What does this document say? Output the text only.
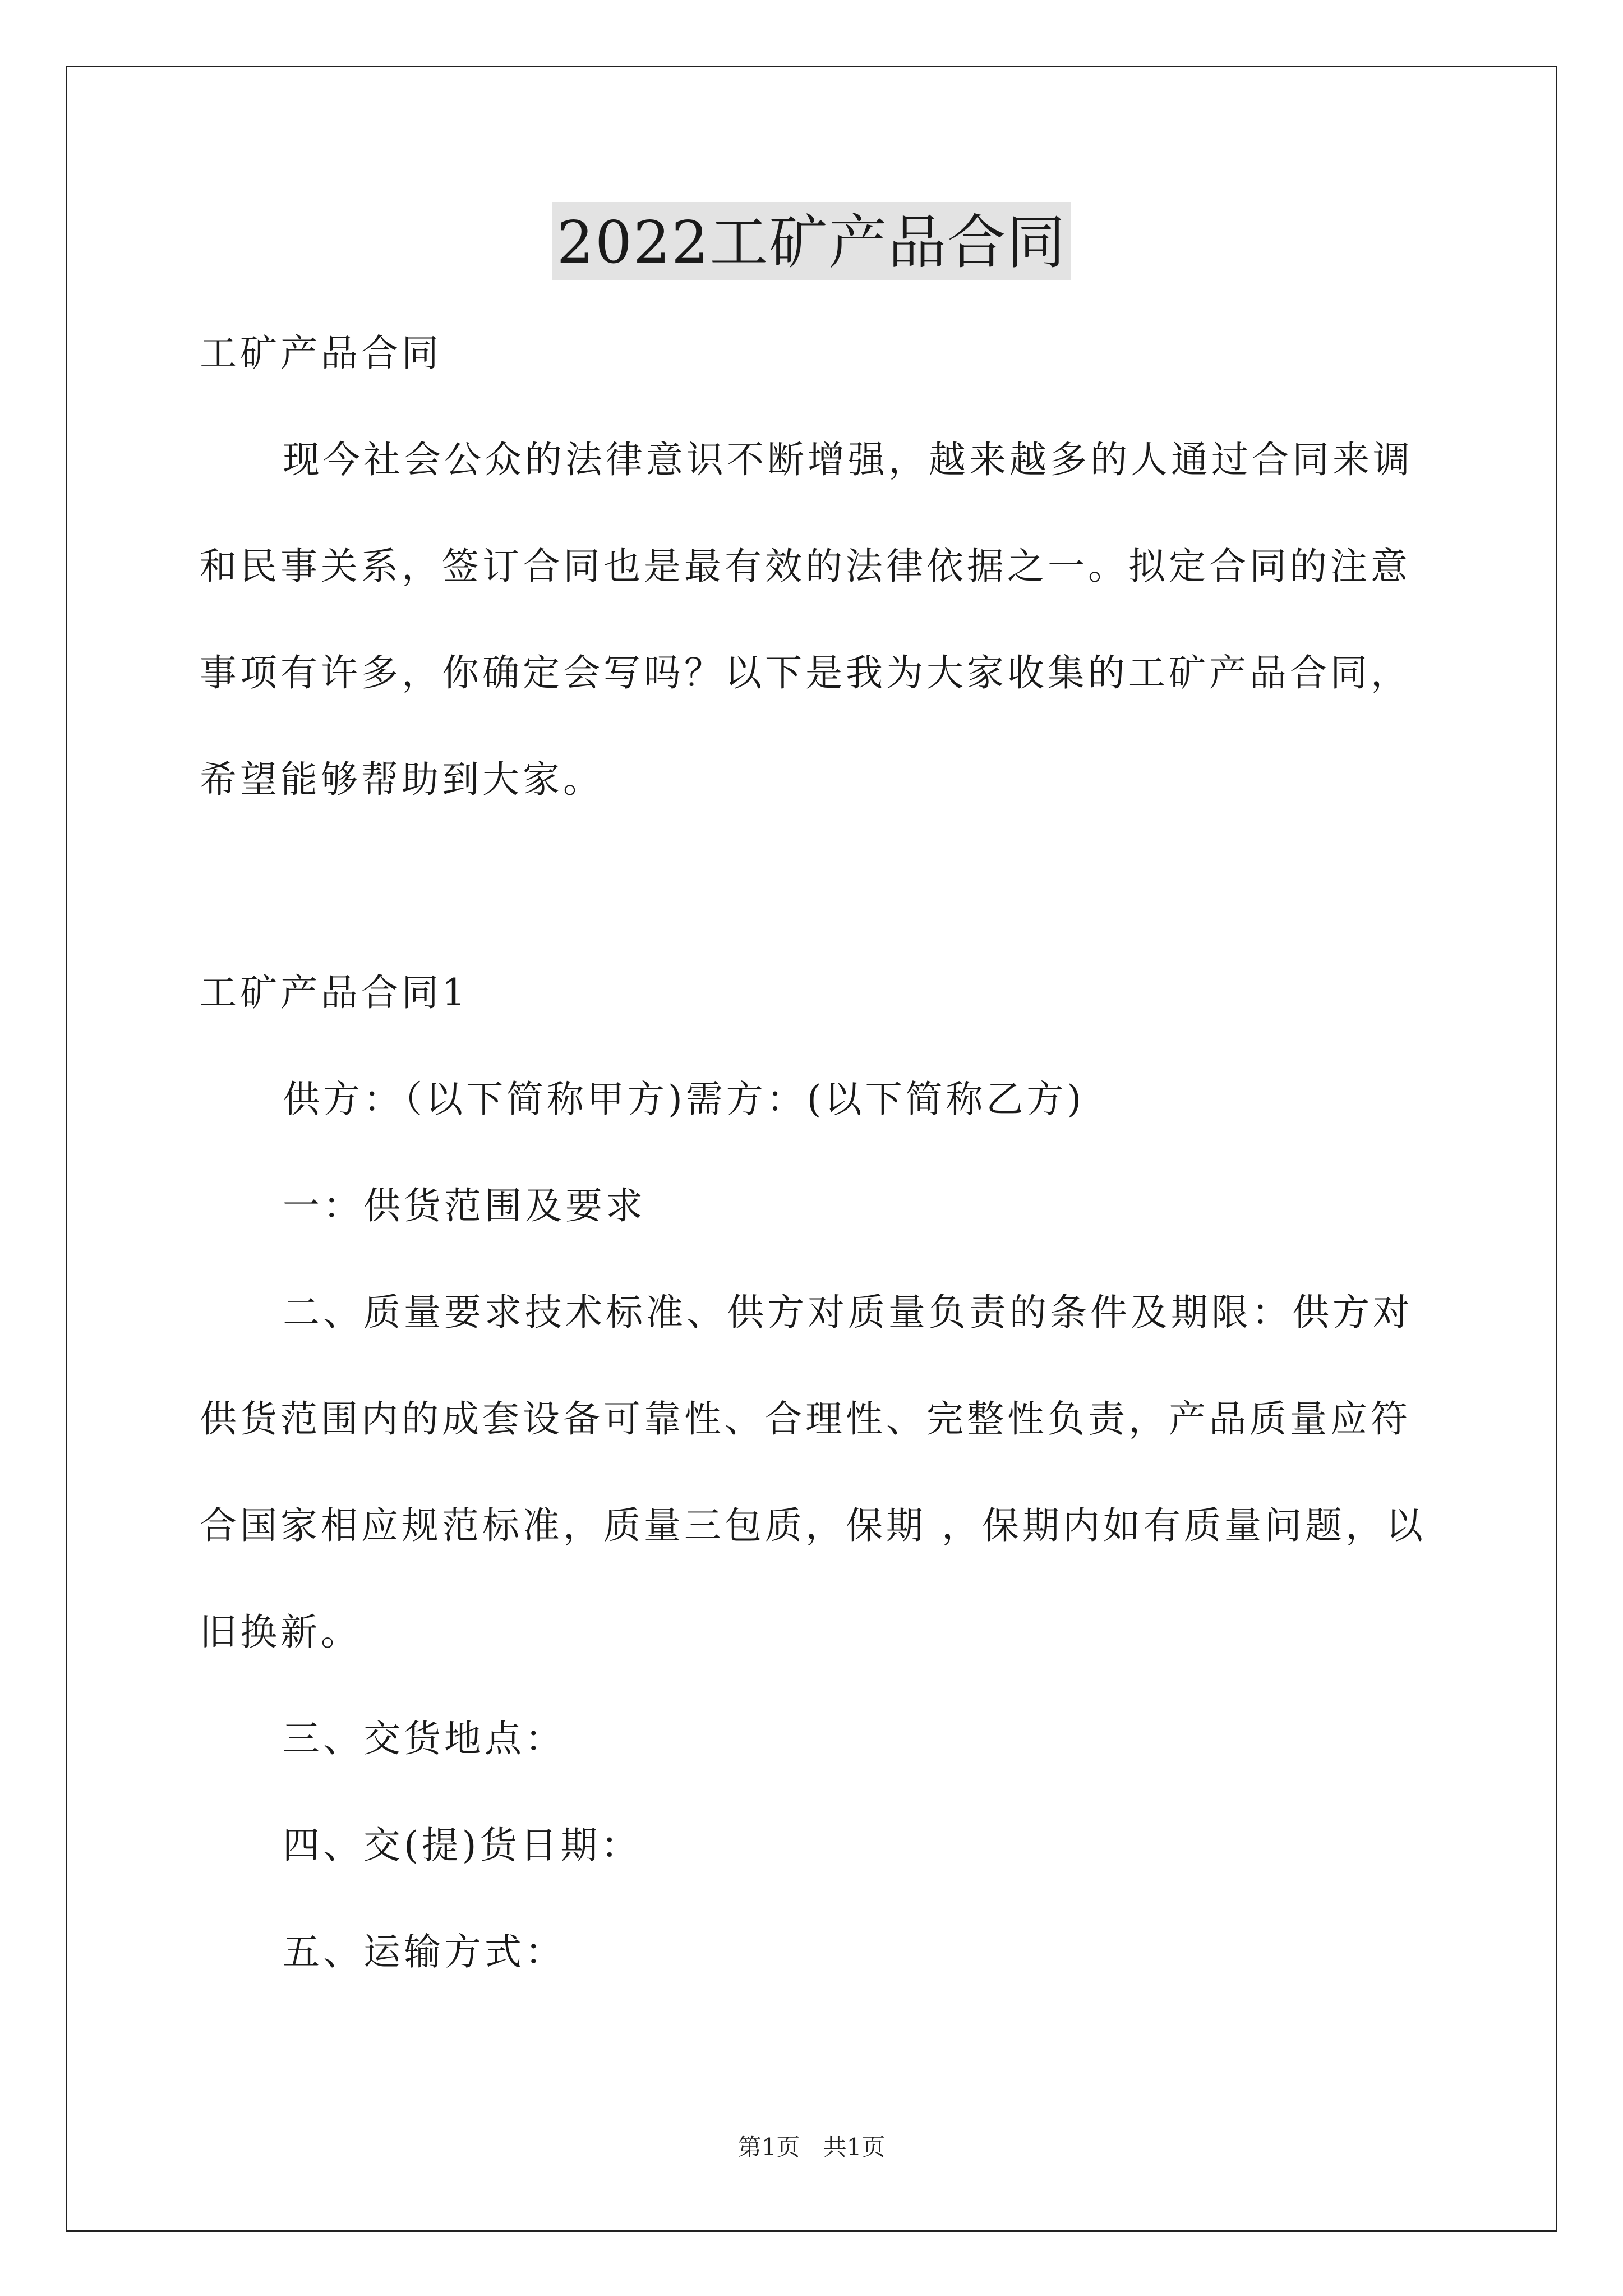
2022工矿产品合同
工矿产品合同
现今社会公众的法律意识不断增强，越来越多的人通过合同来调
和民事关系，签订合同也是最有效的法律依据之一。拟定合同的注意
事项有许多，你确定会写吗？以下是我为大家收集的工矿产品合同，
希望能够帮助到大家。
工矿产品合同1
供方：（以下简称甲方)需方：(以下简称乙方)
一：供货范围及要求
二、质量要求技术标准、供方对质量负责的条件及期限：供方对
供货范围内的成套设备可靠性、合理性、完整性负责，产品质量应符
合国家相应规范标准，质量三包质，保期 ，保期内如有质量问题，以
旧换新。
三、交货地点：
四、交(提)货日期：
五、运输方式：
第1页 共1页
